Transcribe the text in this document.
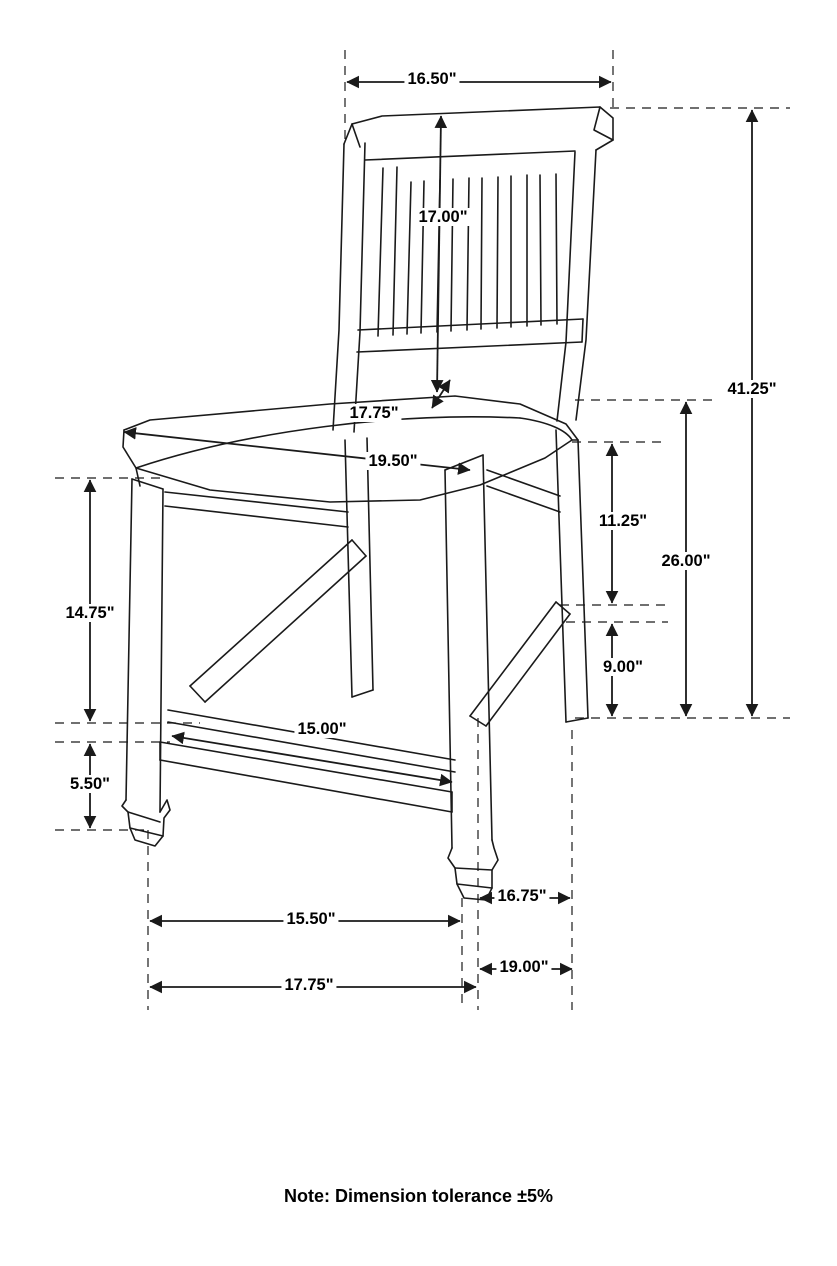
16.50"
17.00"
17.75"
19.50"
41.25"
26.00"
11.25"
9.00"
14.75"
5.50"
15.00"
15.50"
16.75"
17.75"
19.00"
Note: Dimension tolerance ±5%
